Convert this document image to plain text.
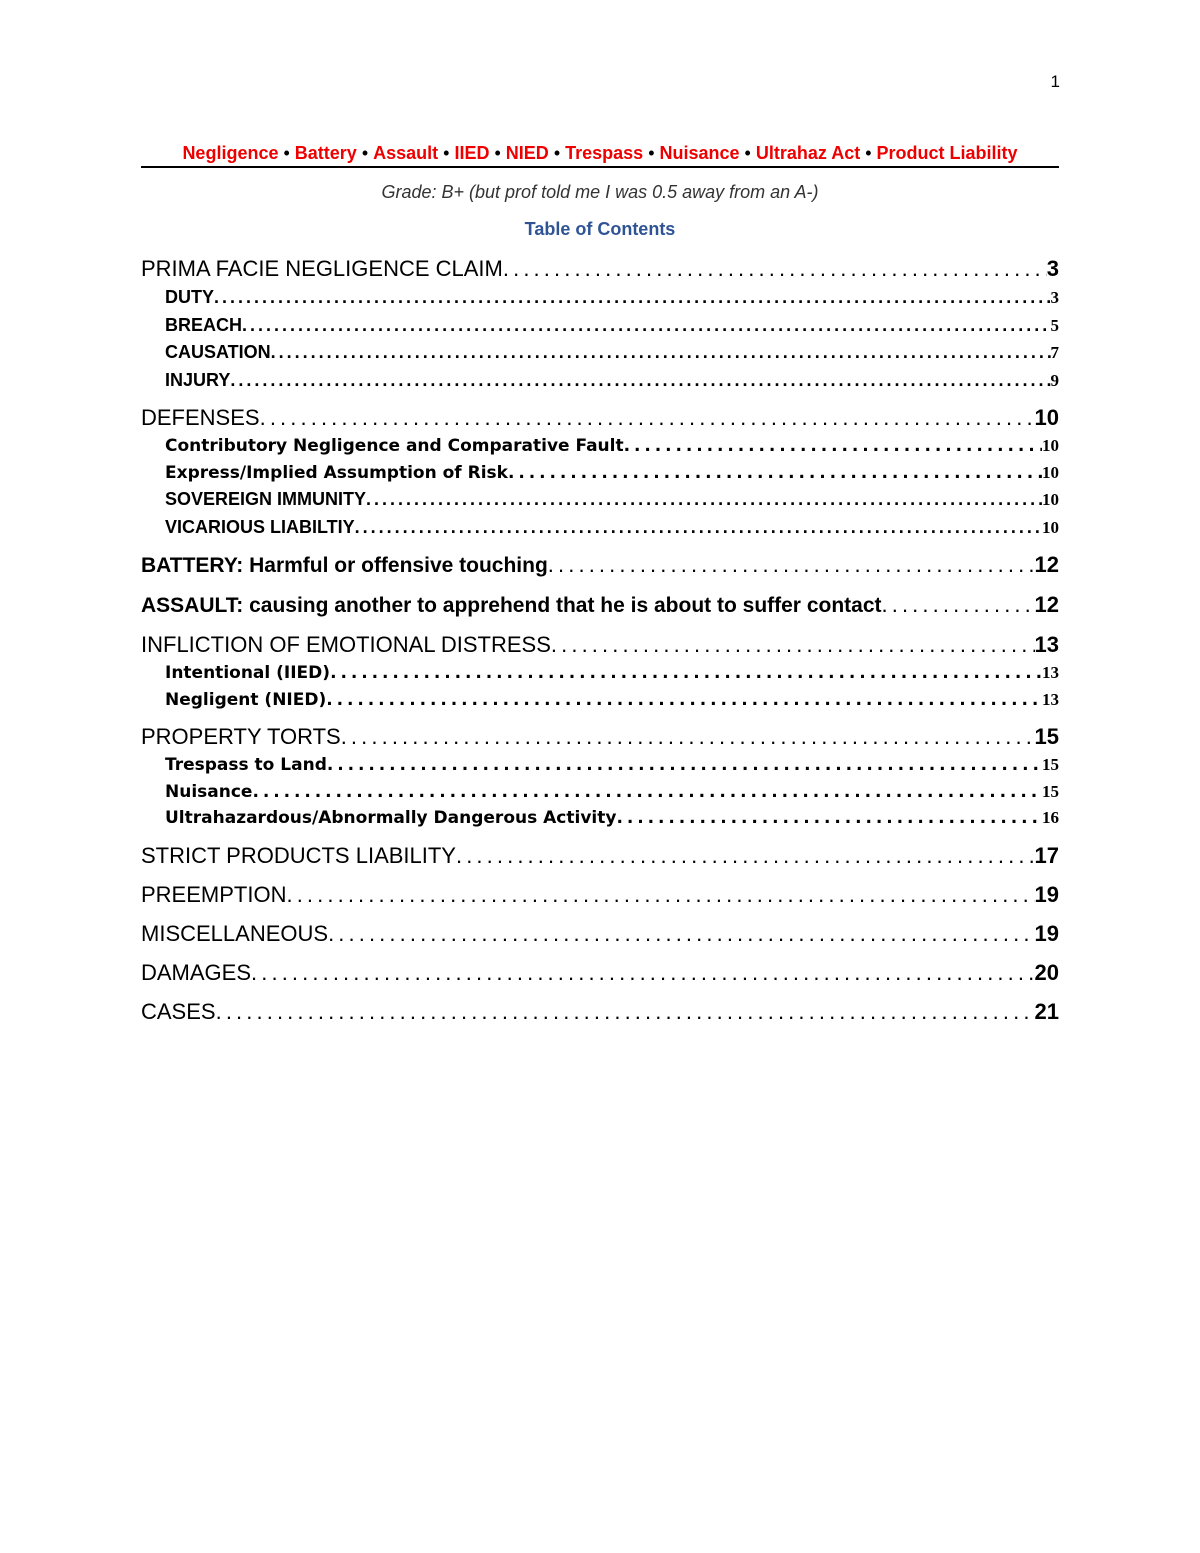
1
Negligence • Battery • Assault • IIED • NIED • Trespass • Nuisance • Ultrahaz Act • Product Liability
Grade: B+ (but prof told me I was 0.5 away from an A-)
Table of Contents
PRIMA FACIE NEGLIGENCE CLAIM . . .	3
DUTY . . .	3
BREACH . . .	5
CAUSATION . . .	7
INJURY . . .	9
DEFENSES . . .	10
Contributory Negligence and Comparative Fault . . .	10
Express/Implied Assumption of Risk . . .	10
SOVEREIGN IMMUNITY . . .	10
VICARIOUS LIABILTIY . . .	10
BATTERY: Harmful or offensive touching . . .	12
ASSAULT: causing another to apprehend that he is about to suffer contact . . .	12
INFLICTION OF EMOTIONAL DISTRESS . . .	13
Intentional (IIED) . . .	13
Negligent (NIED) . . .	13
PROPERTY TORTS . . .	15
Trespass to Land . . .	15
Nuisance . . .	15
Ultrahazardous/Abnormally Dangerous Activity . . .	16
STRICT PRODUCTS LIABILITY . . .	17
PREEMPTION . . .	19
MISCELLANEOUS . . .	19
DAMAGES . . .	20
CASES . . .	21
